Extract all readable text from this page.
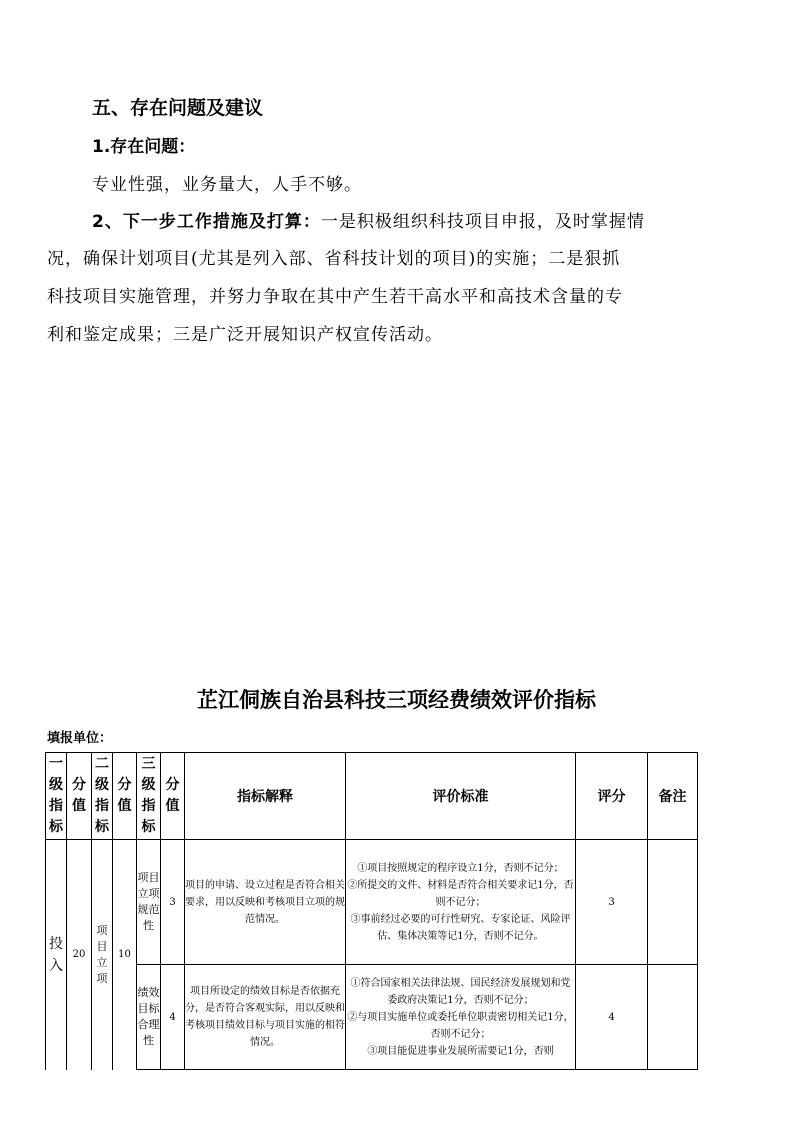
五、存在问题及建议
1.存在问题：
专业性强，业务量大，人手不够。
2、下一步工作措施及打算：一是积极组织科技项目申报，及时掌握情
况，确保计划项目(尤其是列入部、省科技计划的项目)的实施；二是狠抓
科技项目实施管理，并努力争取在其中产生若干高水平和高技术含量的专
利和鉴定成果；三是广泛开展知识产权宣传活动。
芷江侗族自治县科技三项经费绩效评价指标
填报单位：
一级指标	分值	二级指标	分值	三级指标	分值	指标解释	评价标准	评分	备注
投入	20	项目立项	10	项目立项规范性	3	项目的申请、设立过程是否符合相关要求，用以反映和考核项目立项的规范情况。	①项目按照规定的程序设立1分，否则不记分；
②所提交的文件、材料是否符合相关要求记1分，否则不记分；
③事前经过必要的可行性研究、专家论证、风险评估、集体决策等记1分，否则不记分。	3	
				绩效目标合理性	4	项目所设定的绩效目标是否依据充分，是否符合客观实际，用以反映和考核项目绩效目标与项目实施的相符情况。	①符合国家相关法律法规、国民经济发展规划和党委政府决策记1分，否则不记分；
②与项目实施单位或委托单位职责密切相关记1分，否则不记分；
③项目能促进事业发展所需要记1分，否则	4	
